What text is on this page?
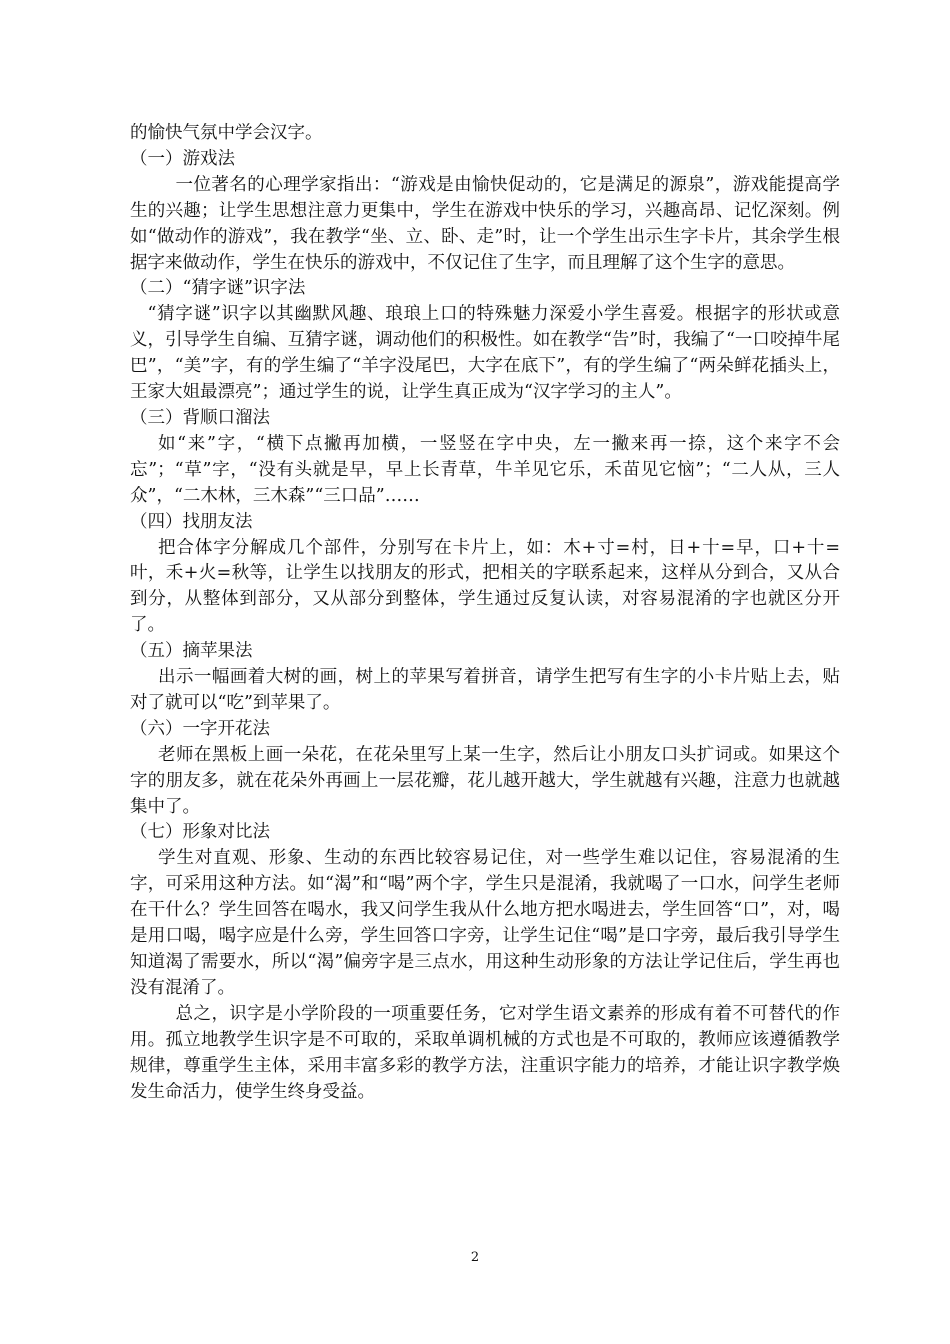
的愉快气氛中学会汉字。

（一）游戏法

一位著名的心理学家指出：“游戏是由愉快促动的，它是满足的源泉”，游戏能提高学生的兴趣；让学生思想注意力更集中，学生在游戏中快乐的学习，兴趣高昂、记忆深刻。例如“做动作的游戏”，我在教学“坐、立、卧、走”时，让一个学生出示生字卡片，其余学生根据字来做动作，学生在快乐的游戏中，不仅记住了生字，而且理解了这个生字的意思。

（二）“猜字谜”识字法

“猜字谜”识字以其幽默风趣、琅琅上口的特殊魅力深爱小学生喜爱。根据字的形状或意义，引导学生自编、互猜字谜，调动他们的积极性。如在教学“告”时，我编了“一口咬掉牛尾巴”，“美”字，有的学生编了“羊字没尾巴，大字在底下”，有的学生编了“两朵鲜花插头上，王家大姐最漂亮”；通过学生的说，让学生真正成为“汉字学习的主人”。

（三）背顺口溜法

如“来”字，“横下点撇再加横，一竖竖在字中央，左一撇来再一捺，这个来字不会忘”；“草”字，“没有头就是早，早上长青草，牛羊见它乐，禾苗见它恼”；“二人从，三人众”，“二木林，三木森”“三口品”……

（四）找朋友法

把合体字分解成几个部件，分别写在卡片上，如：木+寸=村，日+十=早，口+十=叶，禾+火=秋等，让学生以找朋友的形式，把相关的字联系起来，这样从分到合，又从合到分，从整体到部分，又从部分到整体，学生通过反复认读，对容易混淆的字也就区分开了。

（五）摘苹果法

出示一幅画着大树的画，树上的苹果写着拼音，请学生把写有生字的小卡片贴上去，贴对了就可以“吃”到苹果了。

（六）一字开花法

老师在黑板上画一朵花，在花朵里写上某一生字，然后让小朋友口头扩词或。如果这个字的朋友多，就在花朵外再画上一层花瓣，花儿越开越大，学生就越有兴趣，注意力也就越集中了。

（七）形象对比法

学生对直观、形象、生动的东西比较容易记住，对一些学生难以记住，容易混淆的生字，可采用这种方法。如“渴”和“喝”两个字，学生只是混淆，我就喝了一口水，问学生老师在干什么？学生回答在喝水，我又问学生我从什么地方把水喝进去，学生回答“口”，对，喝是用口喝，喝字应是什么旁，学生回答口字旁，让学生记住“喝”是口字旁，最后我引导学生知道渴了需要水，所以“渴”偏旁字是三点水，用这种生动形象的方法让学记住后，学生再也没有混淆了。

总之，识字是小学阶段的一项重要任务，它对学生语文素养的形成有着不可替代的作用。孤立地教学生识字是不可取的，采取单调机械的方式也是不可取的，教师应该遵循教学规律，尊重学生主体，采用丰富多彩的教学方法，注重识字能力的培养，才能让识字教学焕发生命活力，使学生终身受益。

2
